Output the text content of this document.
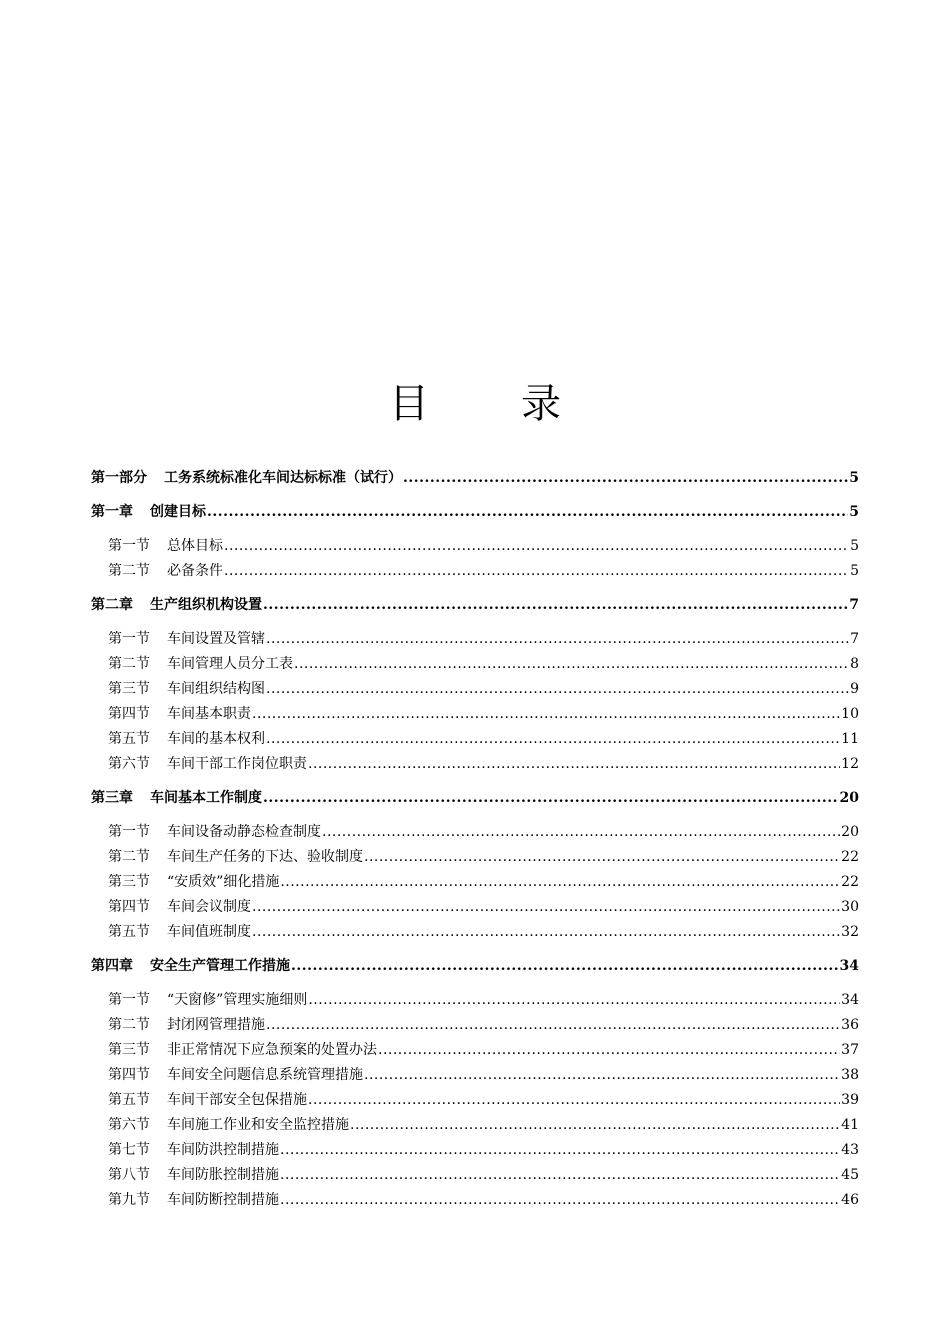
目 录
第一部分 工务系统标准化车间达标标准（试行） .....	5
第一章 创建目标 .....	5
第一节 总体目标 .....	5
第二节 必备条件 .....	5
第二章 生产组织机构设置 .....	7
第一节 车间设置及管辖 .....	7
第二节 车间管理人员分工表 .....	8
第三节 车间组织结构图 .....	9
第四节 车间基本职责 .....	10
第五节 车间的基本权利 .....	11
第六节 车间干部工作岗位职责 .....	12
第三章 车间基本工作制度 .....	20
第一节 车间设备动静态检查制度 .....	20
第二节 车间生产任务的下达、验收制度 .....	22
第三节 “安质效”细化措施 .....	22
第四节 车间会议制度 .....	30
第五节 车间值班制度 .....	32
第四章 安全生产管理工作措施 .....	34
第一节 “天窗修”管理实施细则 .....	34
第二节 封闭网管理措施 .....	36
第三节 非正常情况下应急预案的处置办法 .....	37
第四节 车间安全问题信息系统管理措施 .....	38
第五节 车间干部安全包保措施 .....	39
第六节 车间施工作业和安全监控措施 .....	41
第七节 车间防洪控制措施 .....	43
第八节 车间防胀控制措施 .....	45
第九节 车间防断控制措施 .....	46
